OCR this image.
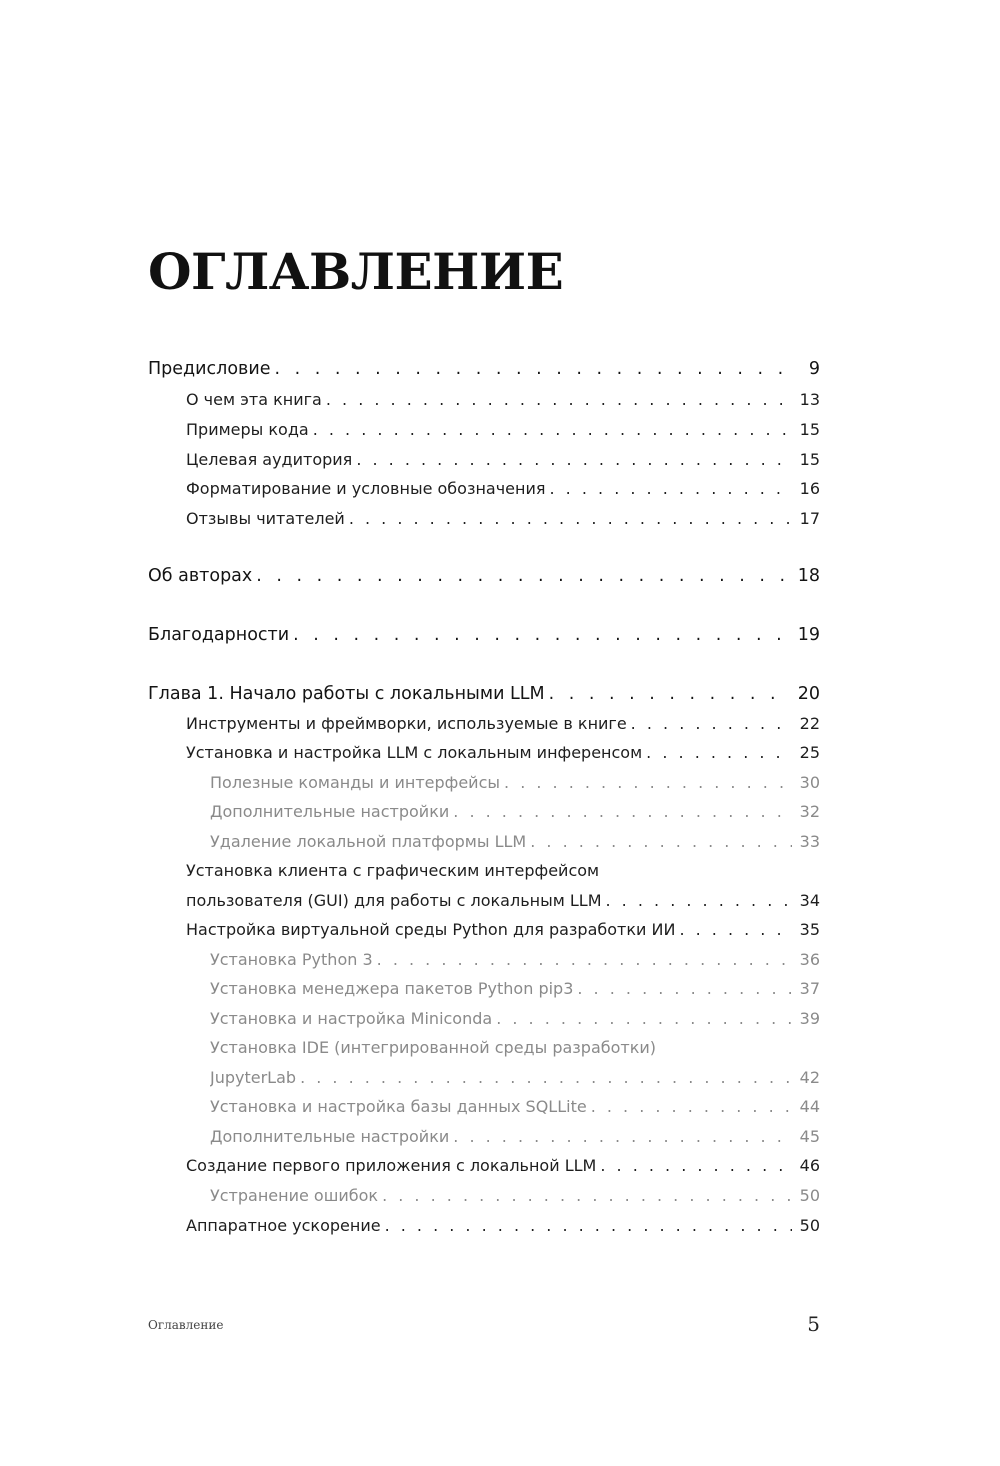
ОГЛАВЛЕНИЕ
Предисловие . . .	9
О чем эта книга . . .	13
Примеры кода . . .	15
Целевая аудитория . . .	15
Форматирование и условные обозначения . . .	16
Отзывы читателей . . .	17
Об авторах . . .	18
Благодарности . . .	19
Глава 1. Начало работы с локальными LLM . . .	20
Инструменты и фреймворки, используемые в книге . . .	22
Установка и настройка LLM с локальным инференсом . . .	25
Полезные команды и интерфейсы . . .	30
Дополнительные настройки . . .	32
Удаление локальной платформы LLM . . .	33
Установка клиента с графическим интерфейсом
пользователя (GUI) для работы с локальным LLM . . .	34
Настройка виртуальной среды Python для разработки ИИ . . .	35
Установка Python 3 . . .	36
Установка менеджера пакетов Python pip3 . . .	37
Установка и настройка Miniconda . . .	39
Установка IDE (интегрированной среды разработки)
JupyterLab . . .	42
Установка и настройка базы данных SQLLite . . .	44
Дополнительные настройки . . .	45
Создание первого приложения с локальной LLM . . .	46
Устранение ошибок . . .	50
Аппаратное ускорение . . .	50
Оглавление	5
